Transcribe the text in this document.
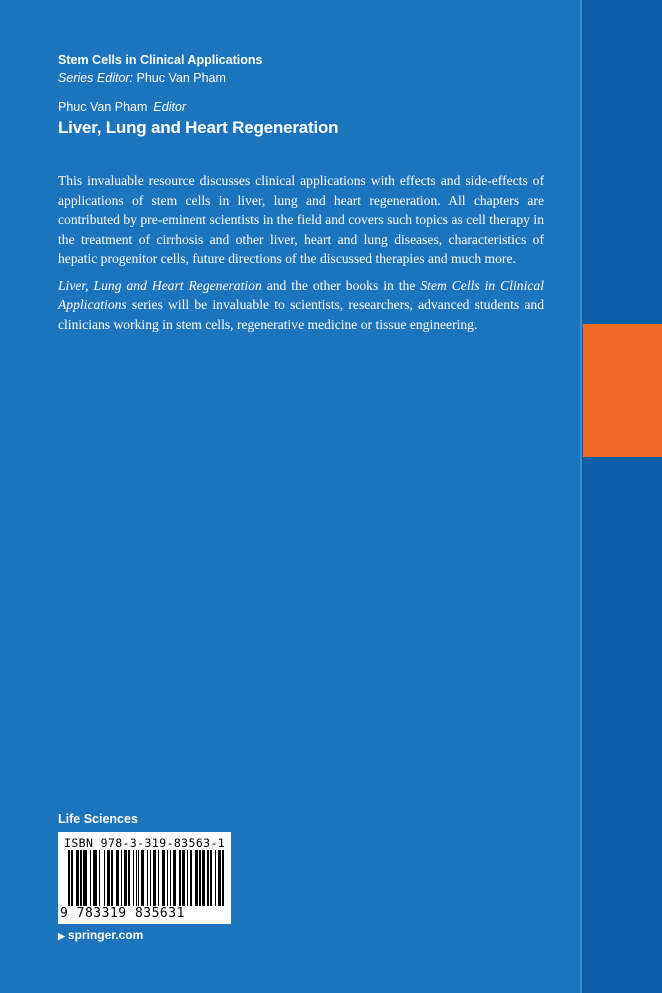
Stem Cells in Clinical Applications
Series Editor: Phuc Van Pham
Phuc Van Pham Editor
Liver, Lung and Heart Regeneration

This invaluable resource discusses clinical applications with effects and side-effects of applications of stem cells in liver, lung and heart regeneration. All chapters are contributed by pre-eminent scientists in the field and covers such topics as cell therapy in the treatment of cirrhosis and other liver, heart and lung diseases, characteristics of hepatic progenitor cells, future directions of the discussed therapies and much more.

Liver, Lung and Heart Regeneration and the other books in the Stem Cells in Clinical Applications series will be invaluable to scientists, researchers, advanced students and clinicians working in stem cells, regenerative medicine or tissue engineering.

Life Sciences
ISBN 978-3-319-83563-1
9 783319 835631
▶ springer.com
